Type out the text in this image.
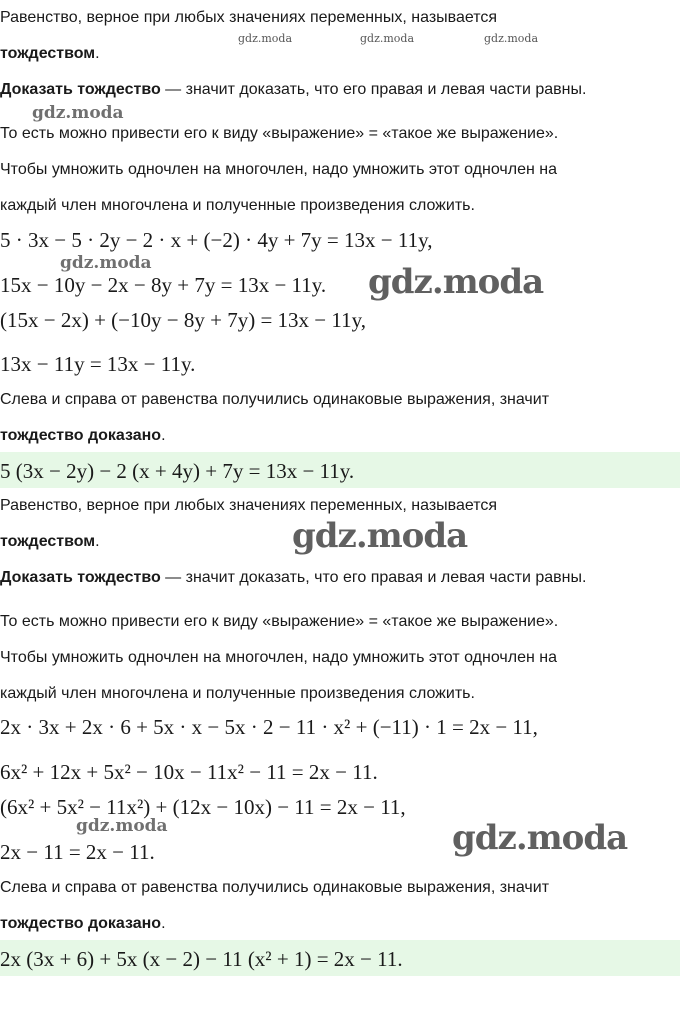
Равенство, верное при любых значениях переменных, называется
тождеством.
Доказать тождество — значит доказать, что его правая и левая части равны.
То есть можно привести его к виду «выражение» = «такое же выражение».
Чтобы умножить одночлен на многочлен, надо умножить этот одночлен на
каждый член многочлена и полученные произведения сложить.
5 · 3x − 5 · 2y − 2 · x + (−2) · 4y + 7y = 13x − 11y,
15x − 10y − 2x − 8y + 7y = 13x − 11y.
(15x − 2x) + (−10y − 8y + 7y) = 13x − 11y,
13x − 11y = 13x − 11y.
Слева и справа от равенства получились одинаковые выражения, значит
тождество доказано.
5 (3x − 2y) − 2 (x + 4y) + 7y = 13x − 11y.
Равенство, верное при любых значениях переменных, называется
тождеством.
Доказать тождество — значит доказать, что его правая и левая части равны.
То есть можно привести его к виду «выражение» = «такое же выражение».
Чтобы умножить одночлен на многочлен, надо умножить этот одночлен на
каждый член многочлена и полученные произведения сложить.
2x · 3x + 2x · 6 + 5x · x − 5x · 2 − 11 · x² + (−11) · 1 = 2x − 11,
6x² + 12x + 5x² − 10x − 11x² − 11 = 2x − 11.
(6x² + 5x² − 11x²) + (12x − 10x) − 11 = 2x − 11,
2x − 11 = 2x − 11.
Слева и справа от равенства получились одинаковые выражения, значит
тождество доказано.
2x (3x + 6) + 5x (x − 2) − 11 (x² + 1) = 2x − 11.
gdz.moda	gdz.moda	gdz.moda
gdz.moda
gdz.moda	gdz.moda
gdz.moda
gdz.moda	gdz.moda
